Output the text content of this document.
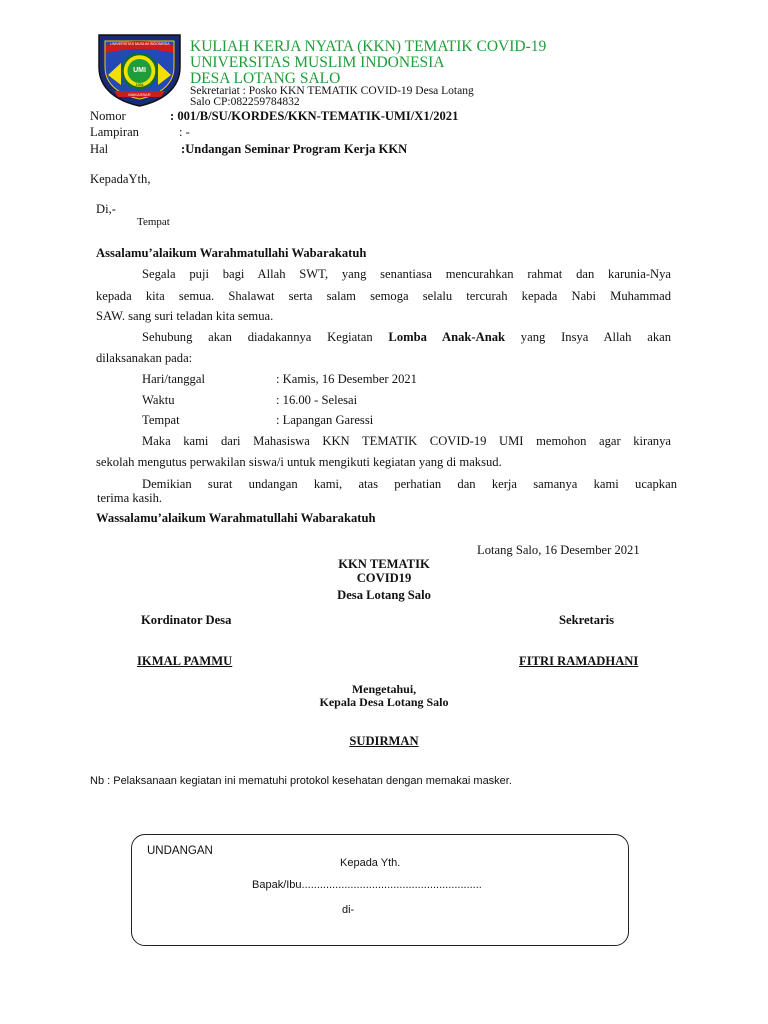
UNIVERSITAS MUSLIM INDONESIA
UMI
MAKASSAR
1954
KULIAH KERJA NYATA (KKN) TEMATIK COVID-19
UNIVERSITAS MUSLIM INDONESIA
DESA LOTANG SALO
Sekretariat : Posko KKN TEMATIK COVID-19 Desa Lotang
Salo CP:082259784832
Nomor	: 001/B/SU/KORDES/KKN-TEMATIK-UMI/X1/2021
Lampiran	: -
Hal	:Undangan Seminar Program Kerja KKN
KepadaYth,
Di,-
Tempat
Assalamu’alaikum Warahmatullahi Wabarakatuh
Segala puji bagi Allah SWT, yang senantiasa mencurahkan rahmat dan karunia-Nya
kepada kita semua. Shalawat serta salam semoga selalu tercurah kepada Nabi Muhammad
SAW. sang suri teladan kita semua.
Sehubung akan diadakannya Kegiatan Lomba Anak-Anak yang Insya Allah akan
dilaksanakan pada:
Hari/tanggal	: Kamis, 16 Desember 2021
Waktu	: 16.00 - Selesai
Tempat	: Lapangan Garessi
Maka kami dari Mahasiswa KKN TEMATIK COVID-19 UMI memohon agar kiranya
sekolah mengutus perwakilan siswa/i untuk mengikuti kegiatan yang di maksud.
Demikian surat undangan kami, atas perhatian dan kerja samanya kami ucapkan
terima kasih.
Wassalamu’alaikum Warahmatullahi Wabarakatuh
Lotang Salo, 16 Desember 2021
KKN TEMATIK
COVID19
Desa Lotang Salo
Kordinator Desa	Sekretaris
IKMAL PAMMU	FITRI RAMADHANI
Mengetahui,
Kepala Desa Lotang Salo
SUDIRMAN
Nb : Pelaksanaan kegiatan ini mematuhi protokol kesehatan dengan memakai masker.
UNDANGAN
Kepada Yth.
Bapak/Ibu...........................................................
di-
